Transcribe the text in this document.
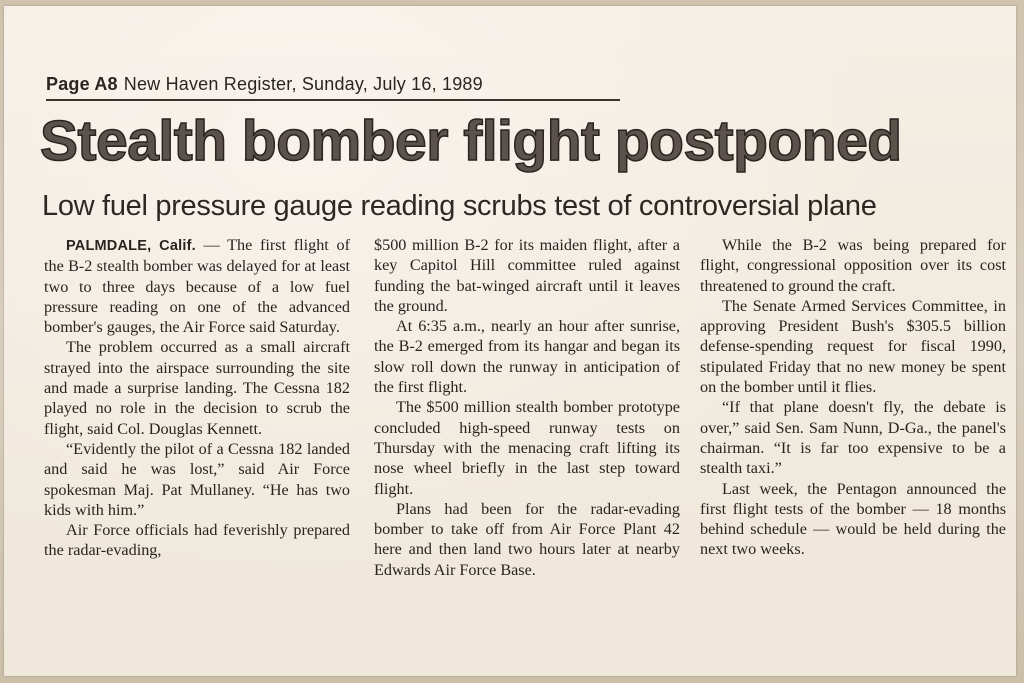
Page A8 New Haven Register, Sunday, July 16, 1989
Stealth bomber flight postponed
Low fuel pressure gauge reading scrubs test of controversial plane

PALMDALE, Calif. — The first flight of the B-2 stealth bomber was delayed for at least two to three days because of a low fuel pressure reading on one of the advanced bomber's gauges, the Air Force said Saturday.

The problem occurred as a small aircraft strayed into the airspace surrounding the site and made a surprise landing. The Cessna 182 played no role in the decision to scrub the flight, said Col. Douglas Kennett.

“Evidently the pilot of a Cessna 182 landed and said he was lost,” said Air Force spokesman Maj. Pat Mullaney. “He has two kids with him.”

Air Force officials had feverishly prepared the radar-evading,

$500 million B-2 for its maiden flight, after a key Capitol Hill committee ruled against funding the bat-winged aircraft until it leaves the ground.

At 6:35 a.m., nearly an hour after sunrise, the B-2 emerged from its hangar and began its slow roll down the runway in anticipation of the first flight.

The $500 million stealth bomber prototype concluded high-speed runway tests on Thursday with the menacing craft lifting its nose wheel briefly in the last step toward flight.

Plans had been for the radar-evading bomber to take off from Air Force Plant 42 here and then land two hours later at nearby Edwards Air Force Base.

While the B-2 was being prepared for flight, congressional opposition over its cost threatened to ground the craft.

The Senate Armed Services Committee, in approving President Bush's $305.5 billion defense-spending request for fiscal 1990, stipulated Friday that no new money be spent on the bomber until it flies.

“If that plane doesn't fly, the debate is over,” said Sen. Sam Nunn, D-Ga., the panel's chairman. “It is far too expensive to be a stealth taxi.”

Last week, the Pentagon announced the first flight tests of the bomber — 18 months behind schedule — would be held during the next two weeks.
